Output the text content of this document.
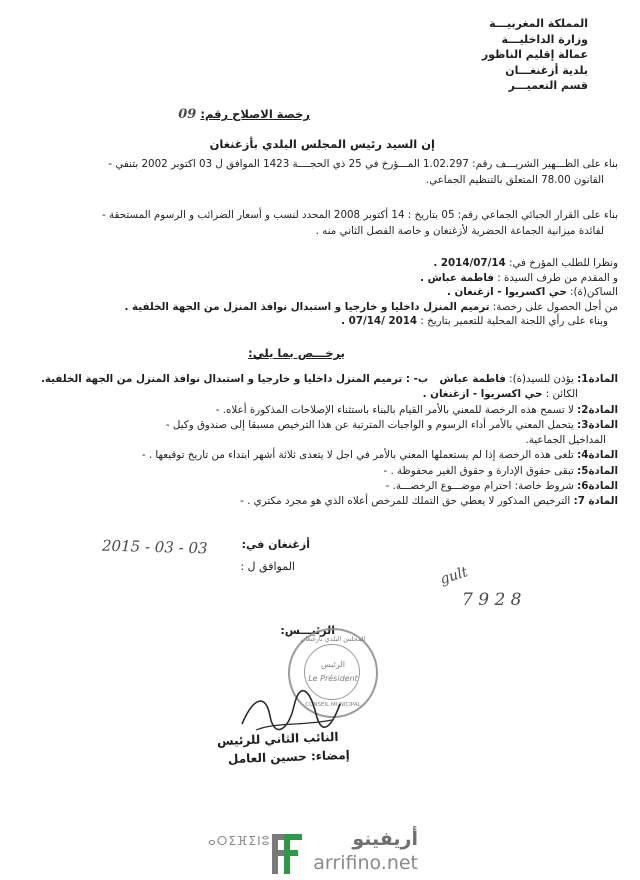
المملكة المغربيـــة
وزارة الداخليـــة
عمالة إقليم الناظور
بلدية أزغنغـــان
قسم التعميـــر
رخصة الاصلاح رقم: 09
إن السيد رئيس المجلس البلدي بأزغنغان
بناء على الظـــهير الشريـــف رقم: 1.02.297 المـــؤرخ في 25 ذي الحجــــة 1423 الموافق ل 03 اكتوبر 2002 بتنفي -
القانون 78.00 المتعلق بالتنظيم الجماعي.
بناء على القرار الجبائي الجماعي رقم: 05 بتاريخ : 14 أكتوبر 2008 المحدد لنسب و أسعار الضرائب و الرسوم المستحقة -
لفائدة ميزانية الجماعة الحضرية لأزغنغان و خاصة الفصل الثاني منه .
ونظرا للطلب المؤرخ في: 2014/07/14 .
و المقدم من طرف السيدة : فاطمة عباش .
الساكن(ة): حي اكسريوا - ازغنغان .
من أجل الحصول على رخصة: ترميم المنزل داخليا و خارجيا و استبدال نوافذ المنزل من الجهة الخلفية .
وبناء على رأي اللجنة المحلية للتعمير بتاريخ : 2014 /07/14 .
يرخـــص بما يلي:
المادة1: يؤذن للسيد(ة): فاطمة عباش ب- : ترميم المنزل داخليا و خارجيا و استبدال نوافذ المنزل من الجهة الخلفية.
الكائن : حي اكسريوا - ازغنغان .
المادة2: لا تسمح هذه الرخصة للمعني بالأمر القيام بالبناء باستثناء الإصلاحات المذكورة أعلاه. -
المادة3: يتحمل المعني بالأمر أداء الرسوم و الواجبات المترتبة عن هذا الترخيص مسبقا إلى صندوق وكيل -
المداخيل الجماعية.
المادة4: تلغى هذه الرخصة إذا لم يستعملها المعني بالأمر في اجل لا يتعدى ثلاثة أشهر ابتداء من تاريخ توقيعها . -
المادة5: تبقى حقوق الإدارة و حقوق الغير محفوظة . -
المادة6: شروط خاصة: احترام موضـــوع الرخصـــة. -
المادة 7: الترخيص المذكور لا يعطي حق التملك للمرخص أعلاه الذي هو مجرد مكتري . -
أزغنغان في:
2015 - 03 - 03
الموافق ل :	gult
7 9 2 8
الرئيـــس:
المجلس البلدي بأزغنغان
الرئيس
Le Président
CONSEIL MUNICIPAL
النائب الثاني للرئيس
إمضاء: حسين العامل
ⴰⵔⵉⴼⵉⵏⵓ	أريفينو
arrifino.net
